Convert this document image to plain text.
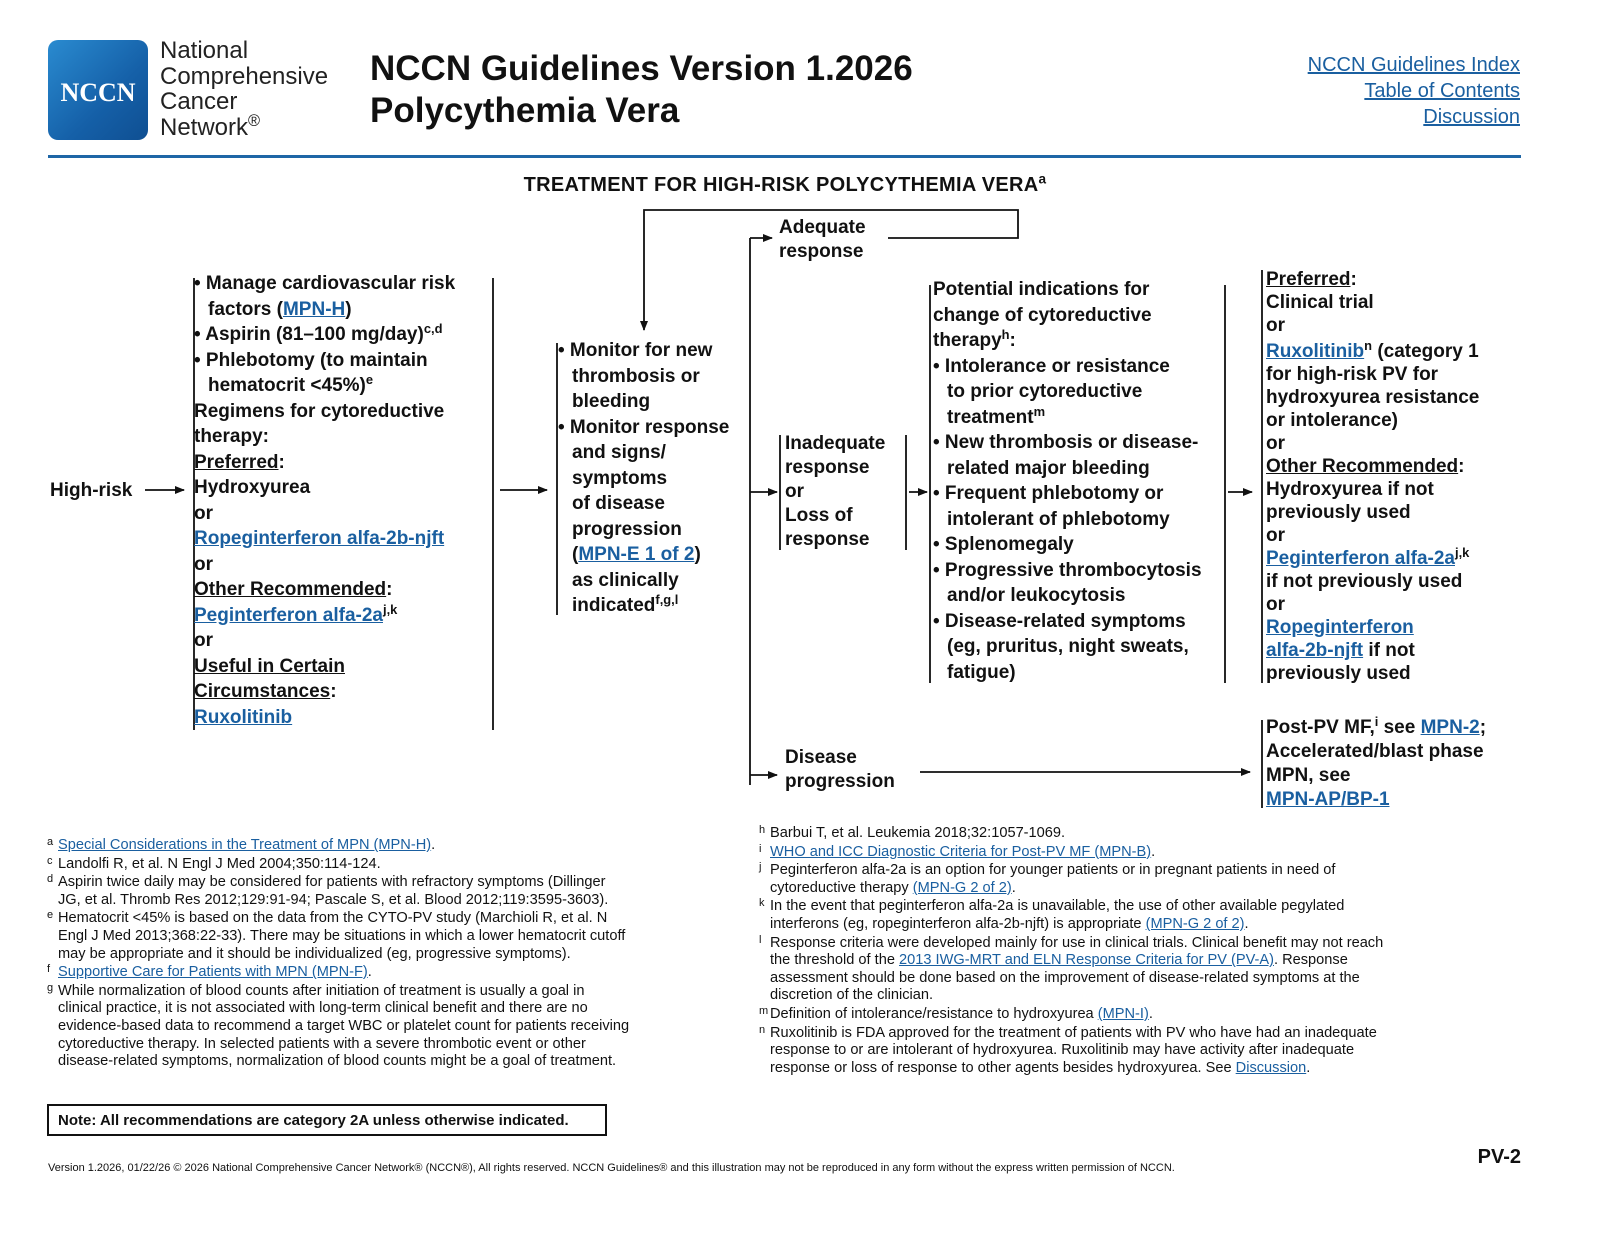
NCCN
National
Comprehensive
Cancer
Network®
NCCN Guidelines Version 1.2026
Polycythemia Vera
NCCN Guidelines Index
Table of Contents
Discussion
TREATMENT FOR HIGH-RISK POLYCYTHEMIA VERA$^a$
High-risk
• Manage cardiovascular risk
factors (MPN-H)
• Aspirin (81–100 mg/day)$^{c,d}$
• Phlebotomy (to maintain
hematocrit <45%)$^e$
Regimens for cytoreductive
therapy:
Preferred:
Hydroxyurea
or
Ropeginterferon alfa-2b-njft
or
Other Recommended:
Peginterferon alfa-$2a^{j,k}$
or
Useful in Certain
Circumstances:
Ruxolitinib
• Monitor for new
thrombosis or
bleeding
• Monitor response
and signs/
symptoms
of disease
progression
(MPN-E 1 of 2)
as clinically
indicated$^{f,g,l}$
Adequate
response
Inadequate
response
or
Loss of
response
Disease
progression
Potential indications for
change of cytoreductive
therapy$^h$:
• Intolerance or resistance
to prior cytoreductive
treatment$^m$
• New thrombosis or disease-
related major bleeding
• Frequent phlebotomy or
intolerant of phlebotomy
• Splenomegaly
• Progressive thrombocytosis
and/or leukocytosis
• Disease-related symptoms
(eg, pruritus, night sweats,
fatigue)
Preferred:
Clinical trial
or
Ruxolitinib$^n$ (category 1
for high-risk PV for
hydroxyurea resistance
or intolerance)
or
Other Recommended:
Hydroxyurea if not
previously used
or
Peginterferon alfa-$2a^{j,k}$
if not previously used
or
Ropeginterferon
alfa-2b-njft if not
previously used
Post-PV MF,$^i$ see MPN-2;
Accelerated/blast phase
MPN, see
MPN-AP/BP-1
a Special Considerations in the Treatment of MPN (MPN-H).
c Landolfi R, et al. N Engl J Med 2004;350:114-124.
d Aspirin twice daily may be considered for patients with refractory symptoms (Dillinger
JG, et al. Thromb Res 2012;129:91-94; Pascale S, et al. Blood 2012;119:3595-3603).
e Hematocrit <45% is based on the data from the CYTO-PV study (Marchioli R, et al. N
Engl J Med 2013;368:22-33). There may be situations in which a lower hematocrit cutoff
may be appropriate and it should be individualized (eg, progressive symptoms).
f Supportive Care for Patients with MPN (MPN-F).
g While normalization of blood counts after initiation of treatment is usually a goal in
clinical practice, it is not associated with long-term clinical benefit and there are no
evidence-based data to recommend a target WBC or platelet count for patients receiving
cytoreductive therapy. In selected patients with a severe thrombotic event or other
disease-related symptoms, normalization of blood counts might be a goal of treatment.
h Barbui T, et al. Leukemia 2018;32:1057-1069.
i WHO and ICC Diagnostic Criteria for Post-PV MF (MPN-B).
j Peginterferon alfa-2a is an option for younger patients or in pregnant patients in need of
cytoreductive therapy (MPN-G 2 of 2).
k In the event that peginterferon alfa-2a is unavailable, the use of other available pegylated
interferons (eg, ropeginterferon alfa-2b-njft) is appropriate (MPN-G 2 of 2).
l Response criteria were developed mainly for use in clinical trials. Clinical benefit may not reach
the threshold of the 2013 IWG-MRT and ELN Response Criteria for PV (PV-A). Response
assessment should be done based on the improvement of disease-related symptoms at the
discretion of the clinician.
m Definition of intolerance/resistance to hydroxyurea (MPN-I).
n Ruxolitinib is FDA approved for the treatment of patients with PV who have had an inadequate
response to or are intolerant of hydroxyurea. Ruxolitinib may have activity after inadequate
response or loss of response to other agents besides hydroxyurea. See Discussion.
Note: All recommendations are category 2A unless otherwise indicated.
Version 1.2026, 01/22/26 © 2026 National Comprehensive Cancer Network® (NCCN®), All rights reserved. NCCN Guidelines® and this illustration may not be reproduced in any form without the express written permission of NCCN.	PV-2
